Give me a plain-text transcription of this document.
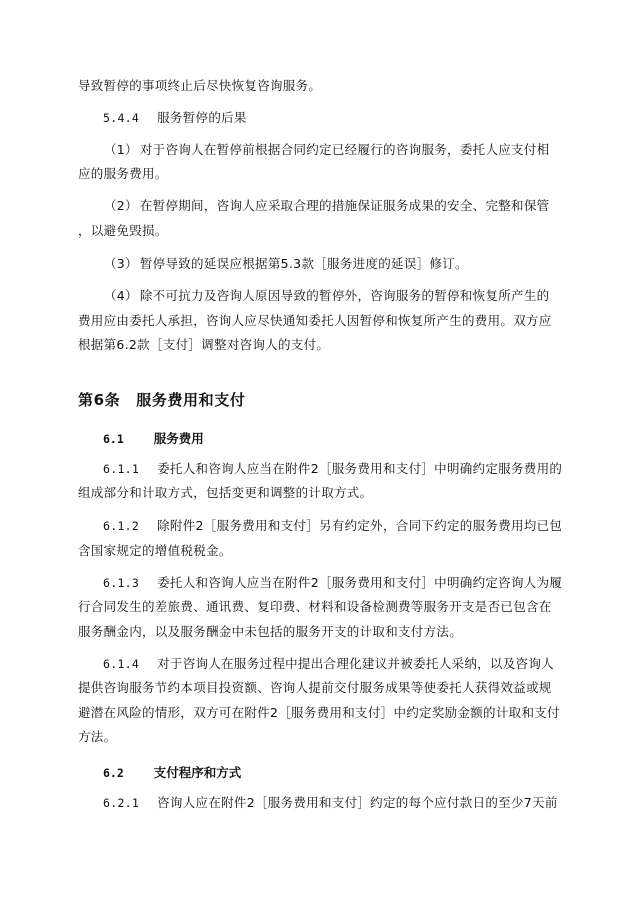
导致暂停的事项终止后尽快恢复咨询服务。
5.4.4 服务暂停的后果
（1） 对于咨询人在暂停前根据合同约定已经履行的咨询服务，委托人应支付相
应的服务费用。
（2） 在暂停期间，咨询人应采取合理的措施保证服务成果的安全、完整和保管
，以避免毁损。
（3） 暂停导致的延误应根据第5.3款［服务进度的延误］修订。
（4） 除不可抗力及咨询人原因导致的暂停外，咨询服务的暂停和恢复所产生的
费用应由委托人承担，咨询人应尽快通知委托人因暂停和恢复所产生的费用。双方应
根据第6.2款［支付］调整对咨询人的支付。
第6条 服务费用和支付
6.1 服务费用
6.1.1 委托人和咨询人应当在附件2［服务费用和支付］中明确约定服务费用的
组成部分和计取方式，包括变更和调整的计取方式。
6.1.2 除附件2［服务费用和支付］另有约定外，合同下约定的服务费用均已包
含国家规定的增值税税金。
6.1.3 委托人和咨询人应当在附件2［服务费用和支付］中明确约定咨询人为履
行合同发生的差旅费、通讯费、复印费、材料和设备检测费等服务开支是否已包含在
服务酬金内，以及服务酬金中未包括的服务开支的计取和支付方法。
6.1.4 对于咨询人在服务过程中提出合理化建议并被委托人采纳，以及咨询人
提供咨询服务节约本项目投资额、咨询人提前交付服务成果等使委托人获得效益或规
避潜在风险的情形，双方可在附件2［服务费用和支付］中约定奖励金额的计取和支付
方法。
6.2 支付程序和方式
6.2.1 咨询人应在附件2［服务费用和支付］约定的每个应付款日的至少7天前
